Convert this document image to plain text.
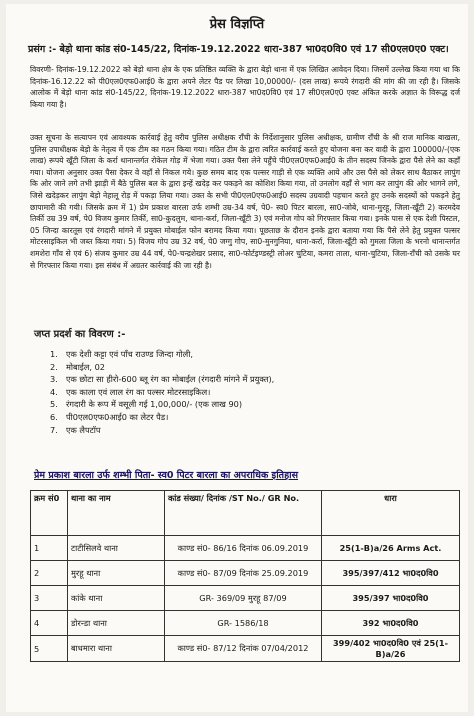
प्रेस विज्ञप्ति
प्रसंग :- बेड़ो थाना कांड सं0-145/22, दिनांक-19.12.2022 धारा-387 भा0द0वि0 एवं 17 सी0एल0ए0 एक्ट।
विवरणी- दिनांक-19.12.2022 को बेड़ो थाना क्षेत्र के एक प्रतिष्ठित व्यक्ति के द्वारा बेड़ो थाना में एक लिखित आवेदन दिया। जिसमें उल्लेख किया गया था कि दिनांक-16.12.22 को पी0एल0एफ0आई0 के द्वारा अपने लेटर पैड पर लिखा 10,00000/- (दस लाख) रूपये रंगदारी की मांग की जा रही है। जिसके आलोक में बेड़ो थाना कांड सं0-145/22, दिनांक-19.12.2022 धारा-387 भा0द0वि0 एवं 17 सी0एल0ए0 एक्ट अंकित करके अज्ञात के विरूद्ध दर्ज किया गया है।
उक्त सूचना के सत्यापन एवं आवश्यक कार्रवाई हेतु वरीय पुलिस अधीक्षक राँची के निर्देशानुसार पुलिस अधीक्षक, ग्रामीण राँची के श्री राज मानिक बाखला, पुलिस उपाधीक्षक बेड़ो के नेतृत्व में एक टीम का गठन किया गया। गठित टीम के द्वारा त्वरित कार्रवाई करते हुए योजना बना कर वादी के द्वारा 100000/-(एक लाख) रूपये खूँटी जिला के कर्रा थानान्तर्गत रोकेल गोड़ में भेजा गया। उक्त पैसा लेने पहुँचे पी0एल0एफ0आई0 के तीन सदस्य जिनके द्वारा पैसे लेने का कहाँ गया। योजना अनुसार उक्त पैसा देकर वे वहाँ से निकल गये। कुछ समय बाद एक पल्सर गाड़ी से एक व्यक्ति आये और उस पैसे को लेकर साथ बैठाकर लापुंग कि ओर जाने लगे तभी झाड़ी में बैठे पुलिस बल के द्वारा इन्हें खदेड़ कर पकड़ने का कोशिश किया गया, तो उनलोग वहाँ से भाग कर लापुंग की ओर भागने लगे, जिसे खदेड़कर लापुंग बेड़ो नेहालू रोड़ में पकड़ा लिया गया। उक्त के सभी पी0एल0एफ0आई0 सदस्य उग्रवादी पहचान करते हुए उनके सदस्यों को पकड़ने हेतु छापामारी की गयी। जिसके क्रम में 1) प्रेम प्रकाश बारला उर्फ शम्भी उम्र-34 वर्ष, पे0- स्व0 पिटर बारला, सा0-जोबे, थाना-मुरहू, जिला-खूँटी 2) करमदेव तिर्की उम्र 39 वर्ष, पे0 विजय कुमार तिर्की, सा0-कुदलुम, थाना-कर्रा, जिला-खूँटी 3) एवं मनोज गोप को गिरफ्तार किया गया। इनके पास से एक देशी पिस्टल, 05 जिन्दा कारतूस एवं रंगदारी मांगने में प्रयुक्त मोबाईल फोन बरामद किया गया। पूछताछ के दौरान इनके द्वारा बताया गया कि पैसे लेने हेतु प्रयुक्त पल्सर मोटरसाइकिल भी जब्त किया गया। 5) विजय गोप उम्र 32 वर्ष, पे0 जग्गु गोप, सा0-मुनगुनिया, थाना-कर्रा, जिला-खूँटी को गुमला जिला के भरनो थानान्तर्गत शमशेरा गाँव से एवं 6) संजय कुमार उम्र 44 वर्ष, पे0-चन्द्रशेखर प्रसाद, सा0-फोर्टइण्डस्ट्री लोअर चुटिया, कमरा ताला, थाना-चुटिया, जिला-राँची को उसके घर से गिरफ्तार किया गया। इस संबंध में अग्रतर कार्रवाई की जा रही है।
जप्त प्रदर्श का विवरण :-
1. एक देशी कट्टा एवं पाँच राउण्ड जिन्दा गोली,
2. मोबाईल, 02
3. एक छोटा सा हीरो-600 ब्लू रंग का मोबाईल (रंगदारी मांगने में प्रयुक्त),
4. एक काला एवं लाल रंग का पल्सर मोटरसाइकिल।
5. रंगदारी के रूप में वसूली गई 1,00,000/- (एक लाख 90)
6. पी0एल0एफ0आई0 का लेटर पैड।
7. एक लैपटॉप
प्रेम प्रकाश बारला उर्फ शम्भी पिता- स्व0 पिटर बारला का अपराधिक इतिहास
क्रम सं0	थाना का नाम	कांड संख्या/ दिनांक /ST No./ GR No.	धारा
1	टाटीसिलवे थाना	काण्ड सं0- 86/16 दिनांक 06.09.2019	25(1-B)a/26 Arms Act.
2	मुरहू थाना	काण्ड सं0- 87/09 दिनांक 25.09.2019	395/397/412 भा0द0वि0
3	कांके थाना	GR- 369/09 मुरहू 87/09	395/397 भा0द0वि0
4	डोरन्डा थाना	GR- 1586/18	392 भा0द0वि0
5	बाधमारा थाना	काण्ड सं0- 87/12 दिनांक 07/04/2012	399/402 भा0द0वि0 एवं 25(1-B)a/26
